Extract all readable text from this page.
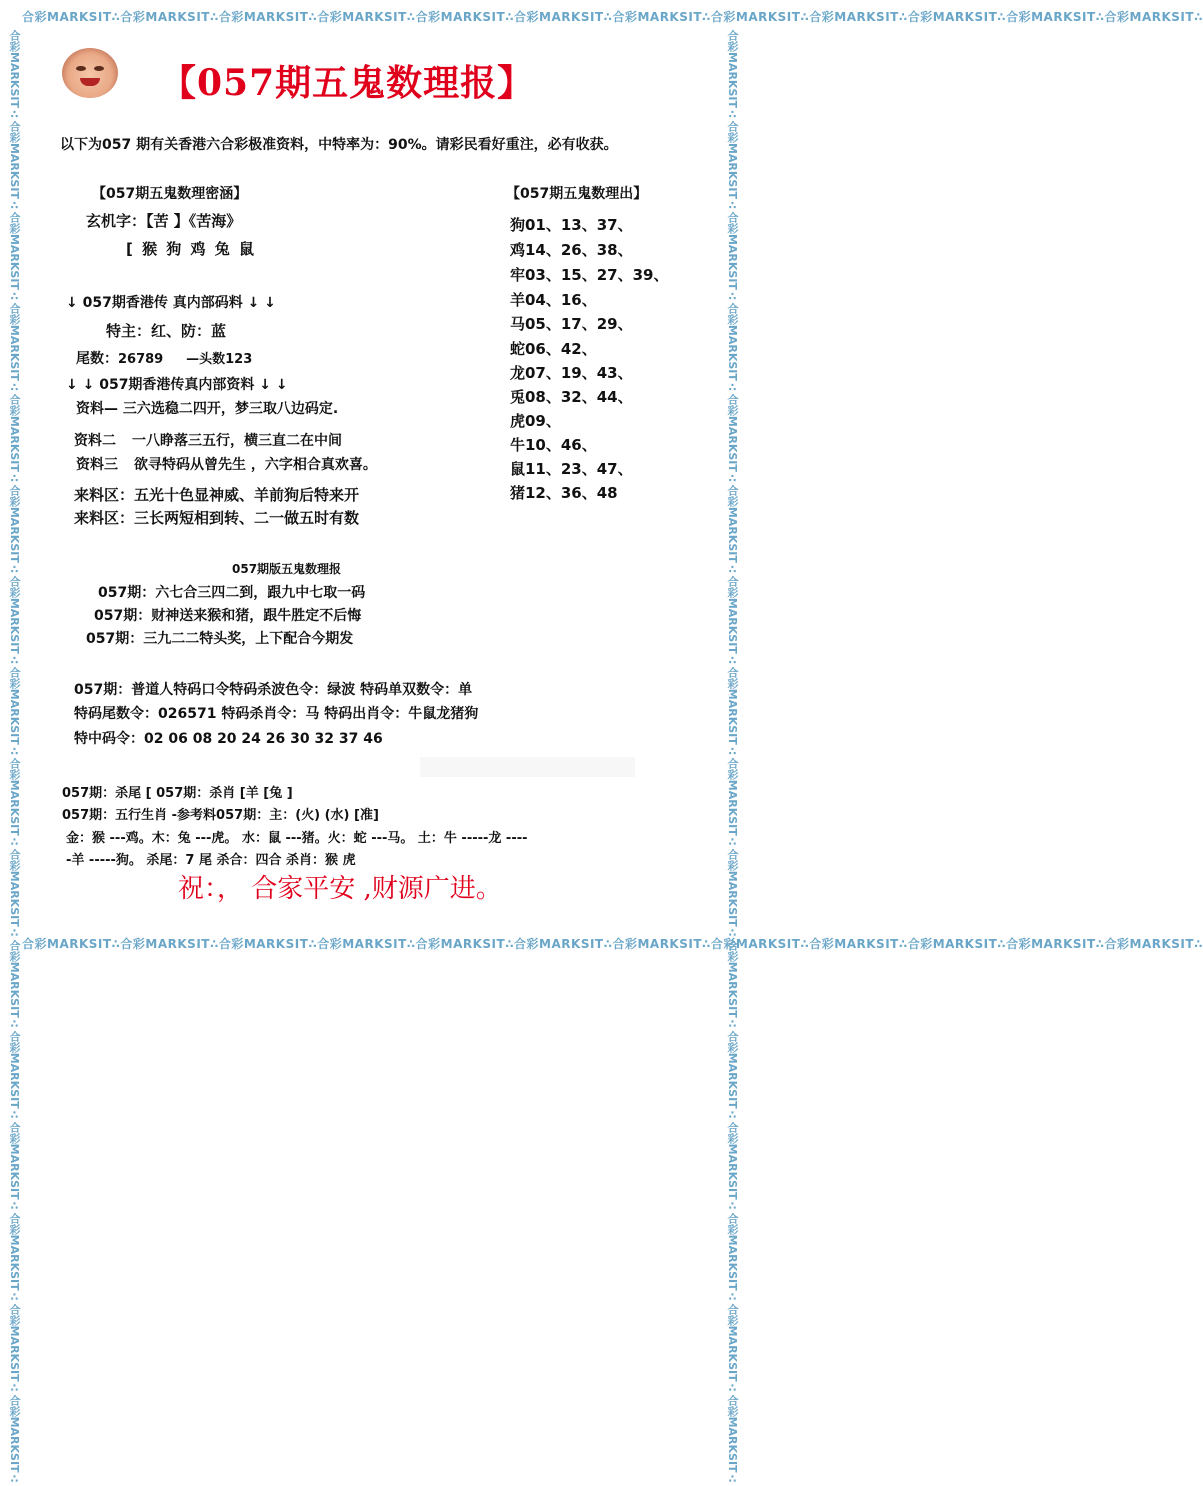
合彩MARKSIT∴合彩MARKSIT∴合彩MARKSIT∴合彩MARKSIT∴合彩MARKSIT∴合彩MARKSIT∴合彩MARKSIT∴合彩MARKSIT∴合彩MARKSIT∴合彩MARKSIT∴合彩MARKSIT∴合彩MARKSIT∴
合彩MARKSIT∴合彩MARKSIT∴合彩MARKSIT∴合彩MARKSIT∴合彩MARKSIT∴合彩MARKSIT∴合彩MARKSIT∴合彩MARKSIT∴合彩MARKSIT∴合彩MARKSIT∴合彩MARKSIT∴合彩MARKSIT∴
合彩MARKSIT∴合彩MARKSIT∴合彩MARKSIT∴合彩MARKSIT∴合彩MARKSIT∴合彩MARKSIT∴合彩MARKSIT∴合彩MARKSIT∴合彩MARKSIT∴合彩MARKSIT∴合彩MARKSIT∴合彩MARKSIT∴合彩MARKSIT∴合彩MARKSIT∴合彩MARKSIT∴合彩MARKSIT∴	合彩MARKSIT∴合彩MARKSIT∴合彩MARKSIT∴合彩MARKSIT∴合彩MARKSIT∴合彩MARKSIT∴合彩MARKSIT∴合彩MARKSIT∴合彩MARKSIT∴合彩MARKSIT∴合彩MARKSIT∴合彩MARKSIT∴合彩MARKSIT∴合彩MARKSIT∴合彩MARKSIT∴合彩MARKSIT∴
【057期五鬼数理报】
以下为057 期有关香港六合彩极准资料，中特率为：90%。请彩民看好重注，必有收获。
【057期五鬼数理密涵】
玄机字：【苦 】《苦海》
[ 猴 狗 鸡 兔 鼠
↓ 057期香港传 真内部码料 ↓ ↓
特主：红、防：蓝
尾数：26789 —头数123
↓ ↓ 057期香港传真内部资料 ↓ ↓
资料— 三六选稳二四开，梦三取八边码定.
资料二 一八睁落三五行，横三直二在中间
资料三 欲寻特码从曾先生 ，六字相合真欢喜。
来料区：五光十色显神威、羊前狗后特来开
来料区：三长两短相到转、二一做五时有数
【057期五鬼数理出】
狗01、13、37、
鸡14、26、38、
牢03、15、27、39、
羊04、16、
马05、17、29、
蛇06、42、
龙07、19、43、
兎08、32、44、
虎09、
牛10、46、
鼠11、23、47、
猪12、36、48
057期版五鬼数理报
057期：六七合三四二到，跟九中七取一码
057期：财神送来猴和猪，跟牛胜定不后悔
057期：三九二二特头奖，上下配合今期发
057期：普道人特码口令特码杀波色令：绿波 特码单双数令：单
特码尾数令：026571 特码杀肖令：马 特码出肖令：牛鼠龙猪狗
特中码令：02 06 08 20 24 26 30 32 37 46
057期：杀尾 [ 057期：杀肖 [羊 [兔 ]
057期：五行生肖 -参考料057期：主：(火) (水) [准]
金：猴 ---鸡。木：兔 ---虎。 水：鼠 ---猪。火：蛇 ---马。 土：牛 -----龙 ----
-羊 -----狗。 杀尾：7 尾 杀合：四合 杀肖：猴 虎
祝：， 合家平安 ,财源广进。
